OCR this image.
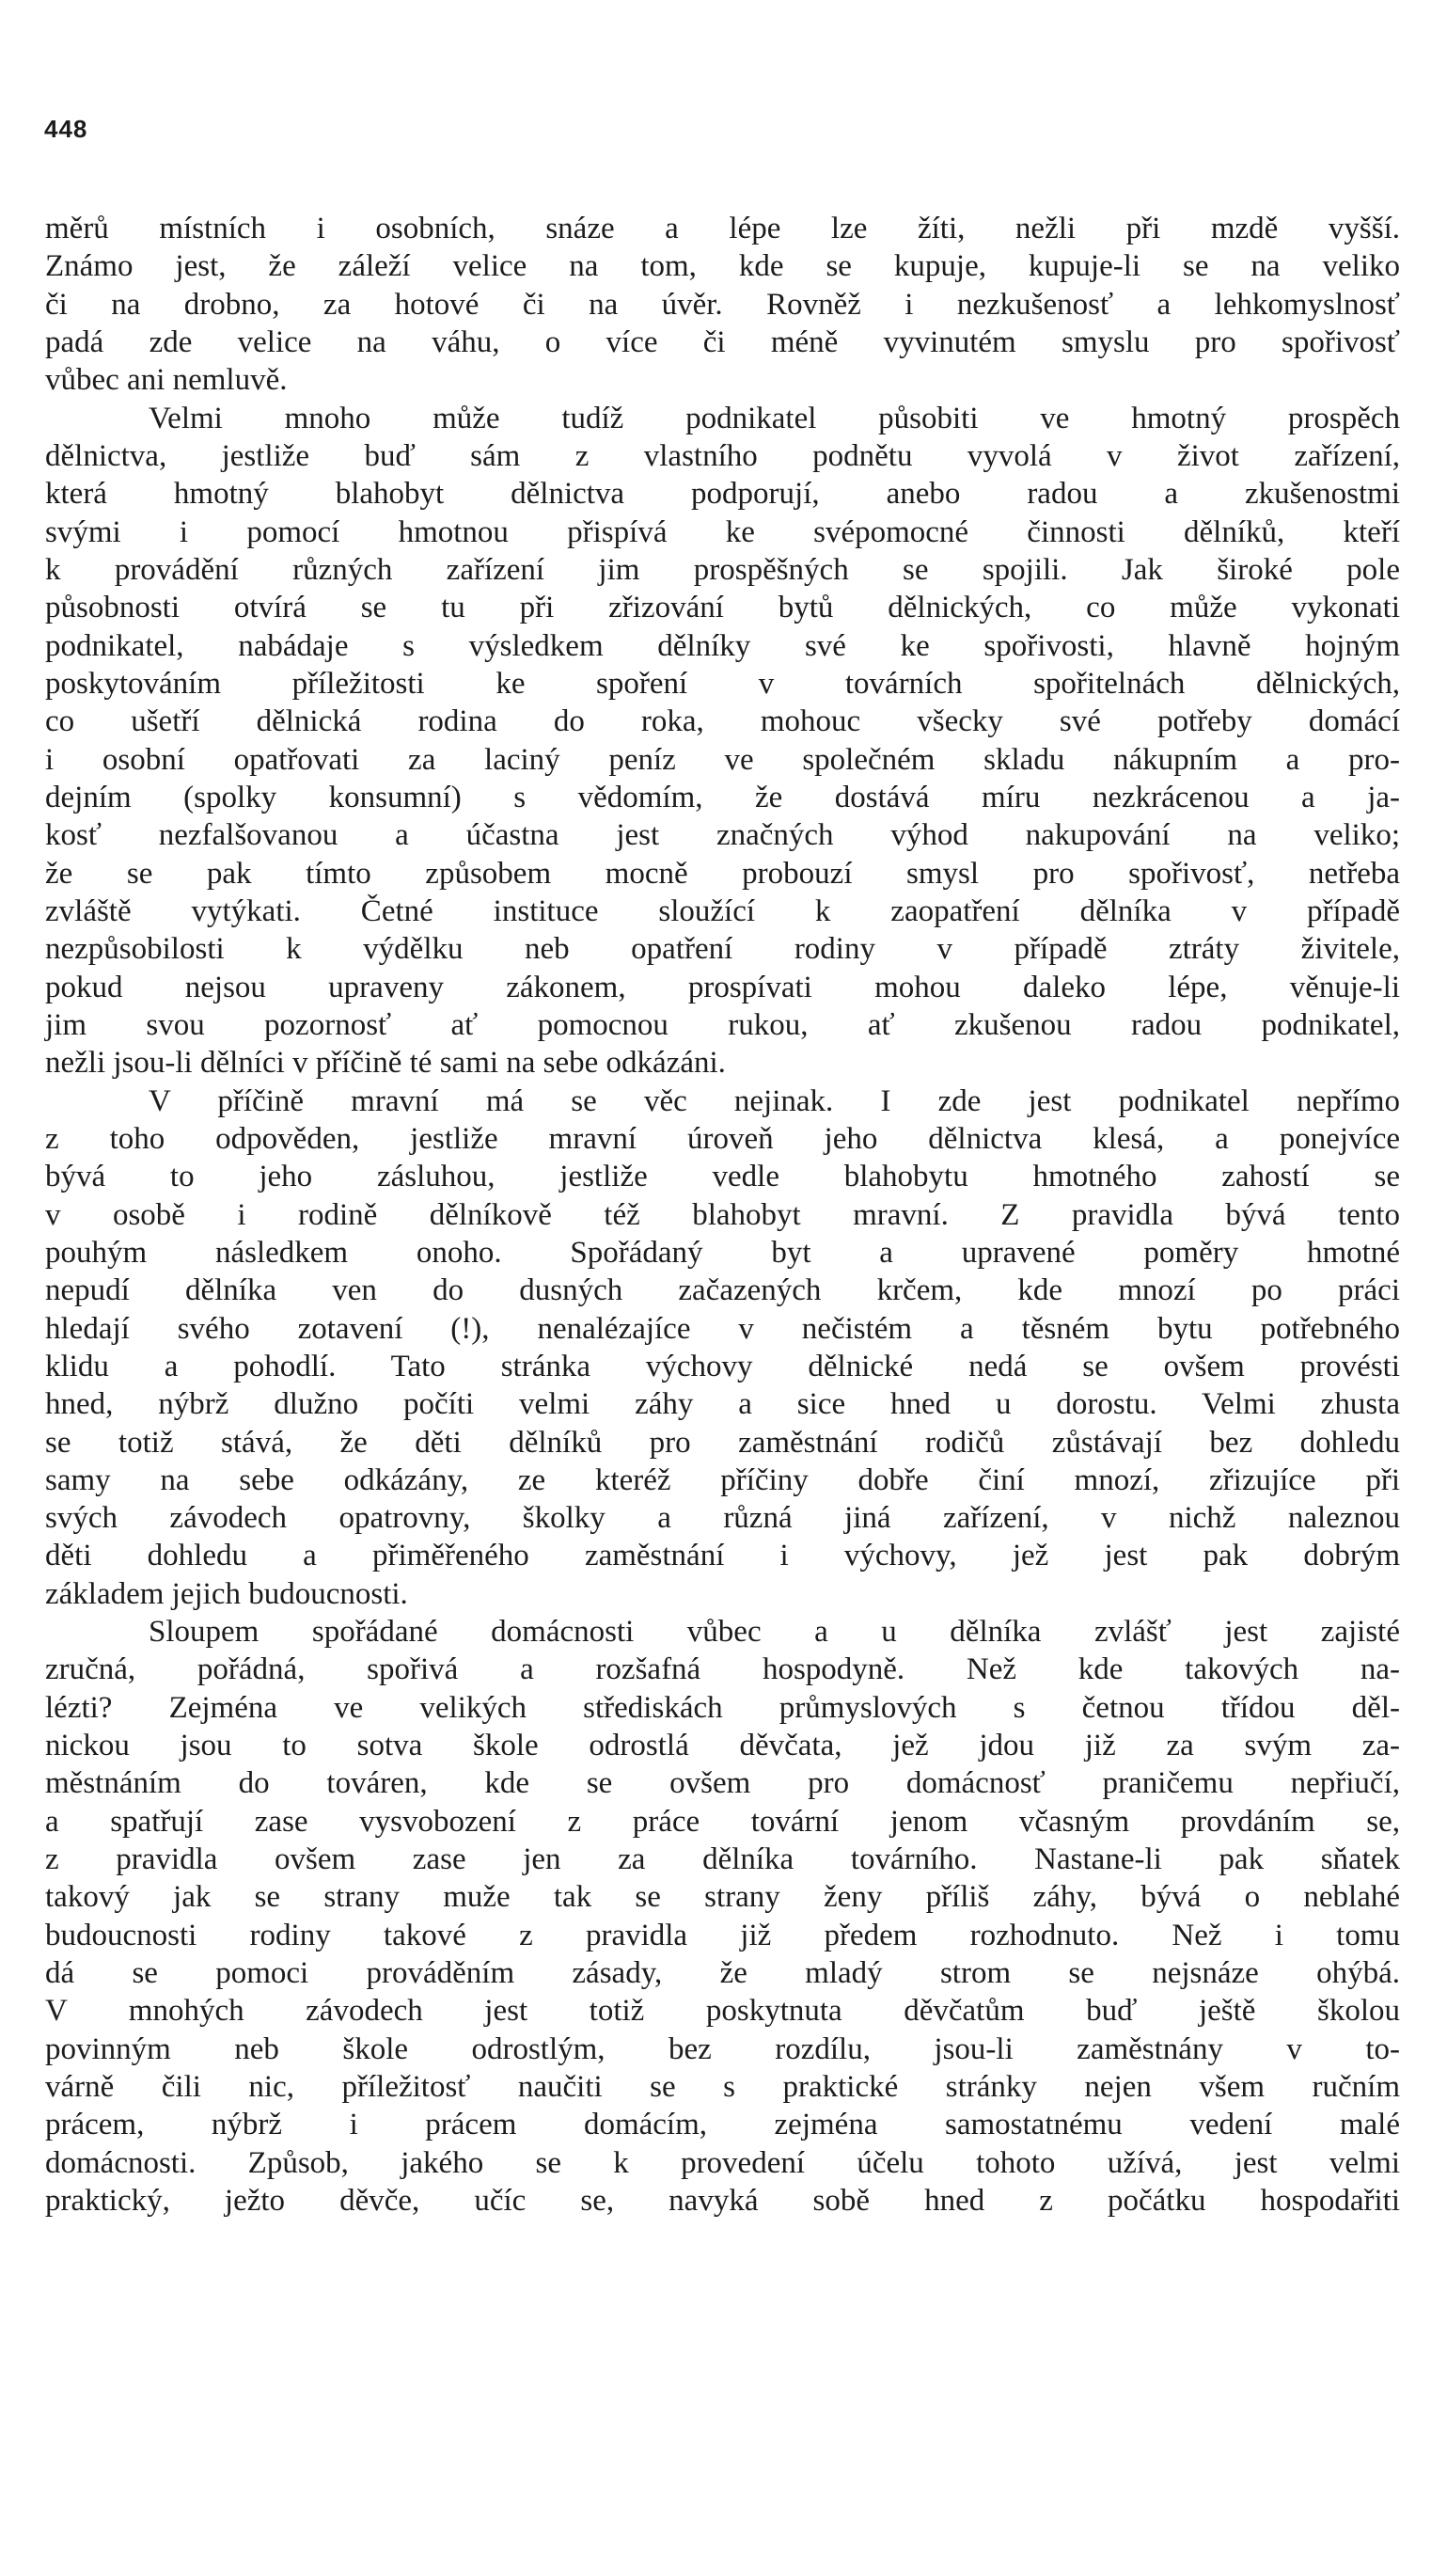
448
měrů místních i osobních, snáze a lépe lze žíti, nežli při mzdě vyšší.
Známo jest, že záleží velice na tom, kde se kupuje, kupuje-li se na veliko
či na drobno, za hotové či na úvěr. Rovněž i nezkušenosť a lehkomyslnosť
padá zde velice na váhu, o více či méně vyvinutém smyslu pro spořivosť
vůbec ani nemluvě.
Velmi mnoho může tudíž podnikatel působiti ve hmotný prospěch
dělnictva, jestliže buď sám z vlastního podnětu vyvolá v život zařízení,
která hmotný blahobyt dělnictva podporují, anebo radou a zkušenostmi
svými i pomocí hmotnou přispívá ke svépomocné činnosti dělníků, kteří
k provádění různých zařízení jim prospěšných se spojili. Jak široké pole
působnosti otvírá se tu při zřizování bytů dělnických, co může vykonati
podnikatel, nabádaje s výsledkem dělníky své ke spořivosti, hlavně hojným
poskytováním příležitosti ke spoření v továrních spořitelnách dělnických,
co ušetří dělnická rodina do roka, mohouc všecky své potřeby domácí
i osobní opatřovati za laciný peníz ve společném skladu nákupním a pro-
dejním (spolky konsumní) s vědomím, že dostává míru nezkrácenou a ja-
kosť nezfalšovanou a účastna jest značných výhod nakupování na veliko;
že se pak tímto způsobem mocně probouzí smysl pro spořivosť, netřeba
zvláště vytýkati. Četné instituce sloužící k zaopatření dělníka v případě
nezpůsobilosti k výdělku neb opatření rodiny v případě ztráty živitele,
pokud nejsou upraveny zákonem, prospívati mohou daleko lépe, věnuje-li
jim svou pozornosť ať pomocnou rukou, ať zkušenou radou podnikatel,
nežli jsou-li dělníci v příčině té sami na sebe odkázáni.
V příčině mravní má se věc nejinak. I zde jest podnikatel nepřímo
z toho odpověden, jestliže mravní úroveň jeho dělnictva klesá, a ponejvíce
bývá to jeho zásluhou, jestliže vedle blahobytu hmotného zahostí se
v osobě i rodině dělníkově též blahobyt mravní. Z pravidla bývá tento
pouhým následkem onoho. Spořádaný byt a upravené poměry hmotné
nepudí dělníka ven do dusných začazených krčem, kde mnozí po práci
hledají svého zotavení (!), nenalézajíce v nečistém a těsném bytu potřebného
klidu a pohodlí. Tato stránka výchovy dělnické nedá se ovšem provésti
hned, nýbrž dlužno počíti velmi záhy a sice hned u dorostu. Velmi zhusta
se totiž stává, že děti dělníků pro zaměstnání rodičů zůstávají bez dohledu
samy na sebe odkázány, ze kteréž příčiny dobře činí mnozí, zřizujíce při
svých závodech opatrovny, školky a různá jiná zařízení, v nichž naleznou
děti dohledu a přiměřeného zaměstnání i výchovy, jež jest pak dobrým
základem jejich budoucnosti.
Sloupem spořádané domácnosti vůbec a u dělníka zvlášť jest zajisté
zručná, pořádná, spořivá a rozšafná hospodyně. Než kde takových na-
lézti? Zejména ve velikých střediskách průmyslových s četnou třídou děl-
nickou jsou to sotva škole odrostlá děvčata, jež jdou již za svým za-
městnáním do továren, kde se ovšem pro domácnosť praničemu nepřiučí,
a spatřují zase vysvobození z práce tovární jenom včasným provdáním se,
z pravidla ovšem zase jen za dělníka továrního. Nastane-li pak sňatek
takový jak se strany muže tak se strany ženy příliš záhy, bývá o neblahé
budoucnosti rodiny takové z pravidla již předem rozhodnuto. Než i tomu
dá se pomoci prováděním zásady, že mladý strom se nejsnáze ohýbá.
V mnohých závodech jest totiž poskytnuta děvčatům buď ještě školou
povinným neb škole odrostlým, bez rozdílu, jsou-li zaměstnány v to-
várně čili nic, příležitosť naučiti se s praktické stránky nejen všem ručním
prácem, nýbrž i prácem domácím, zejména samostatnému vedení malé
domácnosti. Způsob, jakého se k provedení účelu tohoto užívá, jest velmi
praktický, ježto děvče, učíc se, navyká sobě hned z počátku hospodařiti
